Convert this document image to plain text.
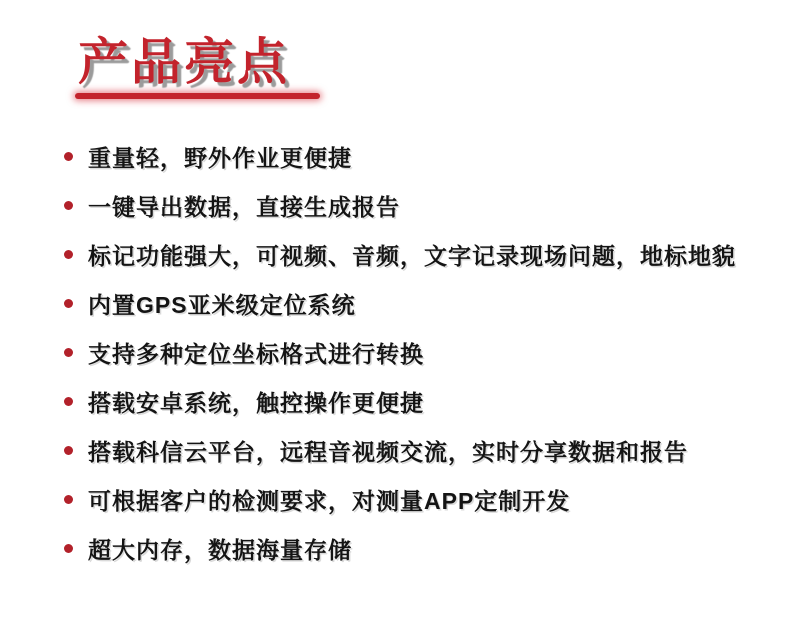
产品亮点
重量轻，野外作业更便捷
一键导出数据，直接生成报告
标记功能强大，可视频、音频，文字记录现场问题，地标地貌
内置GPS亚米级定位系统
支持多种定位坐标格式进行转换
搭载安卓系统，触控操作更便捷
搭载科信云平台，远程音视频交流，实时分享数据和报告
可根据客户的检测要求，对测量APP定制开发
超大内存，数据海量存储
